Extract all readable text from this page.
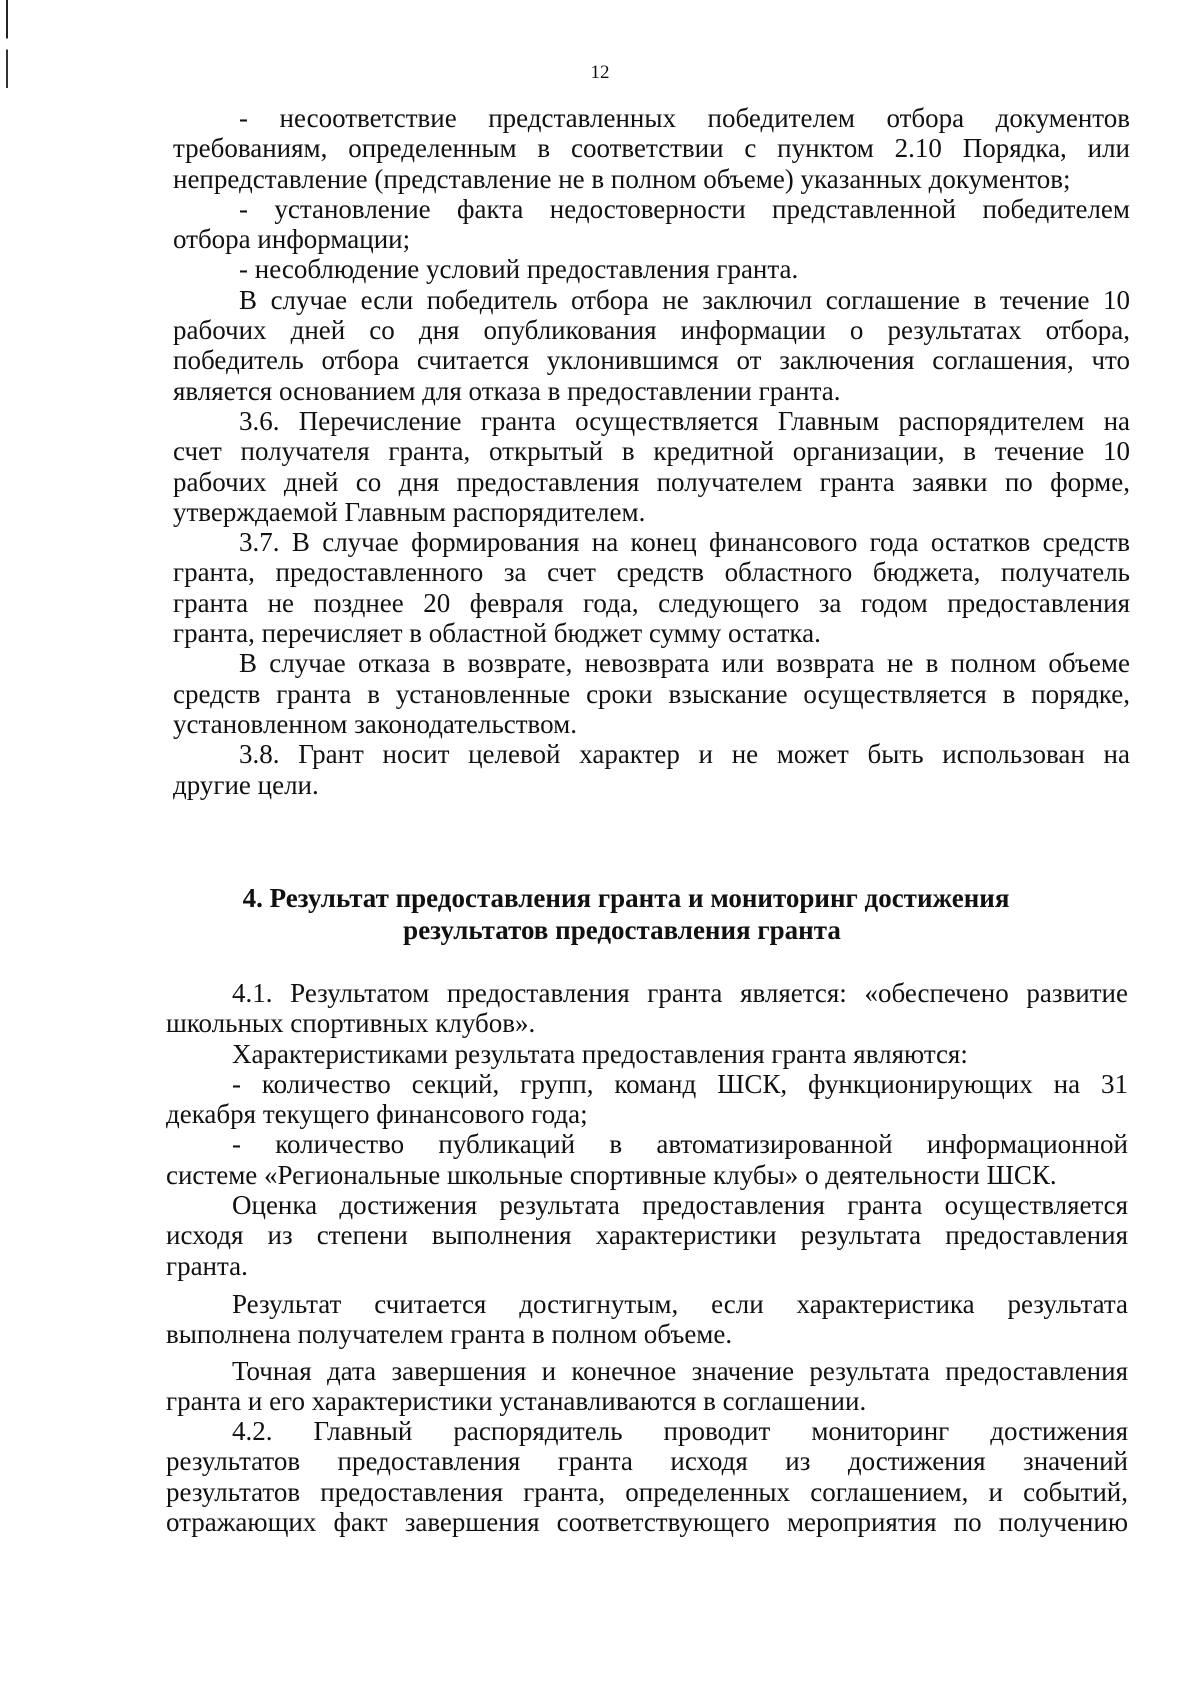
12
- несоответствие представленных победителем отбора документов
требованиям, определенным в соответствии с пунктом 2.10 Порядка, или
непредставление (представление не в полном объеме) указанных документов;
- установление факта недостоверности представленной победителем
отбора информации;
- несоблюдение условий предоставления гранта.
В случае если победитель отбора не заключил соглашение в течение 10
рабочих дней со дня опубликования информации о результатах отбора,
победитель отбора считается уклонившимся от заключения соглашения, что
является основанием для отказа в предоставлении гранта.
3.6. Перечисление гранта осуществляется Главным распорядителем на
счет получателя гранта, открытый в кредитной организации, в течение 10
рабочих дней со дня предоставления получателем гранта заявки по форме,
утверждаемой Главным распорядителем.
3.7. В случае формирования на конец финансового года остатков средств
гранта, предоставленного за счет средств областного бюджета, получатель
гранта не позднее 20 февраля года, следующего за годом предоставления
гранта, перечисляет в областной бюджет сумму остатка.
В случае отказа в возврате, невозврата или возврата не в полном объеме
средств гранта в установленные сроки взыскание осуществляется в порядке,
установленном законодательством.
3.8. Грант носит целевой характер и не может быть использован на
другие цели.
4. Результат предоставления гранта и мониторинг достижения
результатов предоставления гранта
4.1. Результатом предоставления гранта является: «обеспечено развитие
школьных спортивных клубов».
Характеристиками результата предоставления гранта являются:
- количество секций, групп, команд ШСК, функционирующих на 31
декабря текущего финансового года;
- количество публикаций в автоматизированной информационной
системе «Региональные школьные спортивные клубы» о деятельности ШСК.
Оценка достижения результата предоставления гранта осуществляется
исходя из степени выполнения характеристики результата предоставления
гранта.
Результат считается достигнутым, если характеристика результата
выполнена получателем гранта в полном объеме.
Точная дата завершения и конечное значение результата предоставления
гранта и его характеристики устанавливаются в соглашении.
4.2. Главный распорядитель проводит мониторинг достижения
результатов предоставления гранта исходя из достижения значений
результатов предоставления гранта, определенных соглашением, и событий,
отражающих факт завершения соответствующего мероприятия по получению
